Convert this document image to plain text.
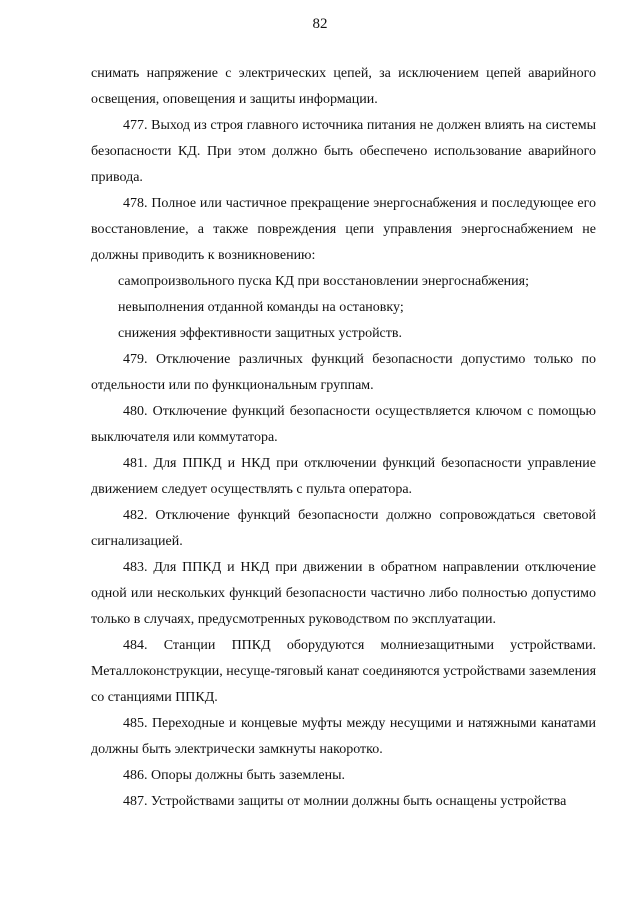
82

снимать напряжение с электрических цепей, за исключением цепей аварийного освещения, оповещения и защиты информации.

477. Выход из строя главного источника питания не должен влиять на системы безопасности КД. При этом должно быть обеспечено использование аварийного привода.

478. Полное или частичное прекращение энергоснабжения и последующее его восстановление, а также повреждения цепи управления энергоснабжением не должны приводить к возникновению:

самопроизвольного пуска КД при восстановлении энергоснабжения;

невыполнения отданной команды на остановку;

снижения эффективности защитных устройств.

479. Отключение различных функций безопасности допустимо только по отдельности или по функциональным группам.

480. Отключение функций безопасности осуществляется ключом с помощью выключателя или коммутатора.

481. Для ППКД и НКД при отключении функций безопасности управление движением следует осуществлять с пульта оператора.

482. Отключение функций безопасности должно сопровождаться световой сигнализацией.

483. Для ППКД и НКД при движении в обратном направлении отключение одной или нескольких функций безопасности частично либо полностью допустимо только в случаях, предусмотренных руководством по эксплуатации.

484. Станции ППКД оборудуются молниезащитными устройствами. Металлоконструкции, несуще-тяговый канат соединяются устройствами заземления со станциями ППКД.

485. Переходные и концевые муфты между несущими и натяжными канатами должны быть электрически замкнуты накоротко.

486. Опоры должны быть заземлены.

487. Устройствами защиты от молнии должны быть оснащены устройства
